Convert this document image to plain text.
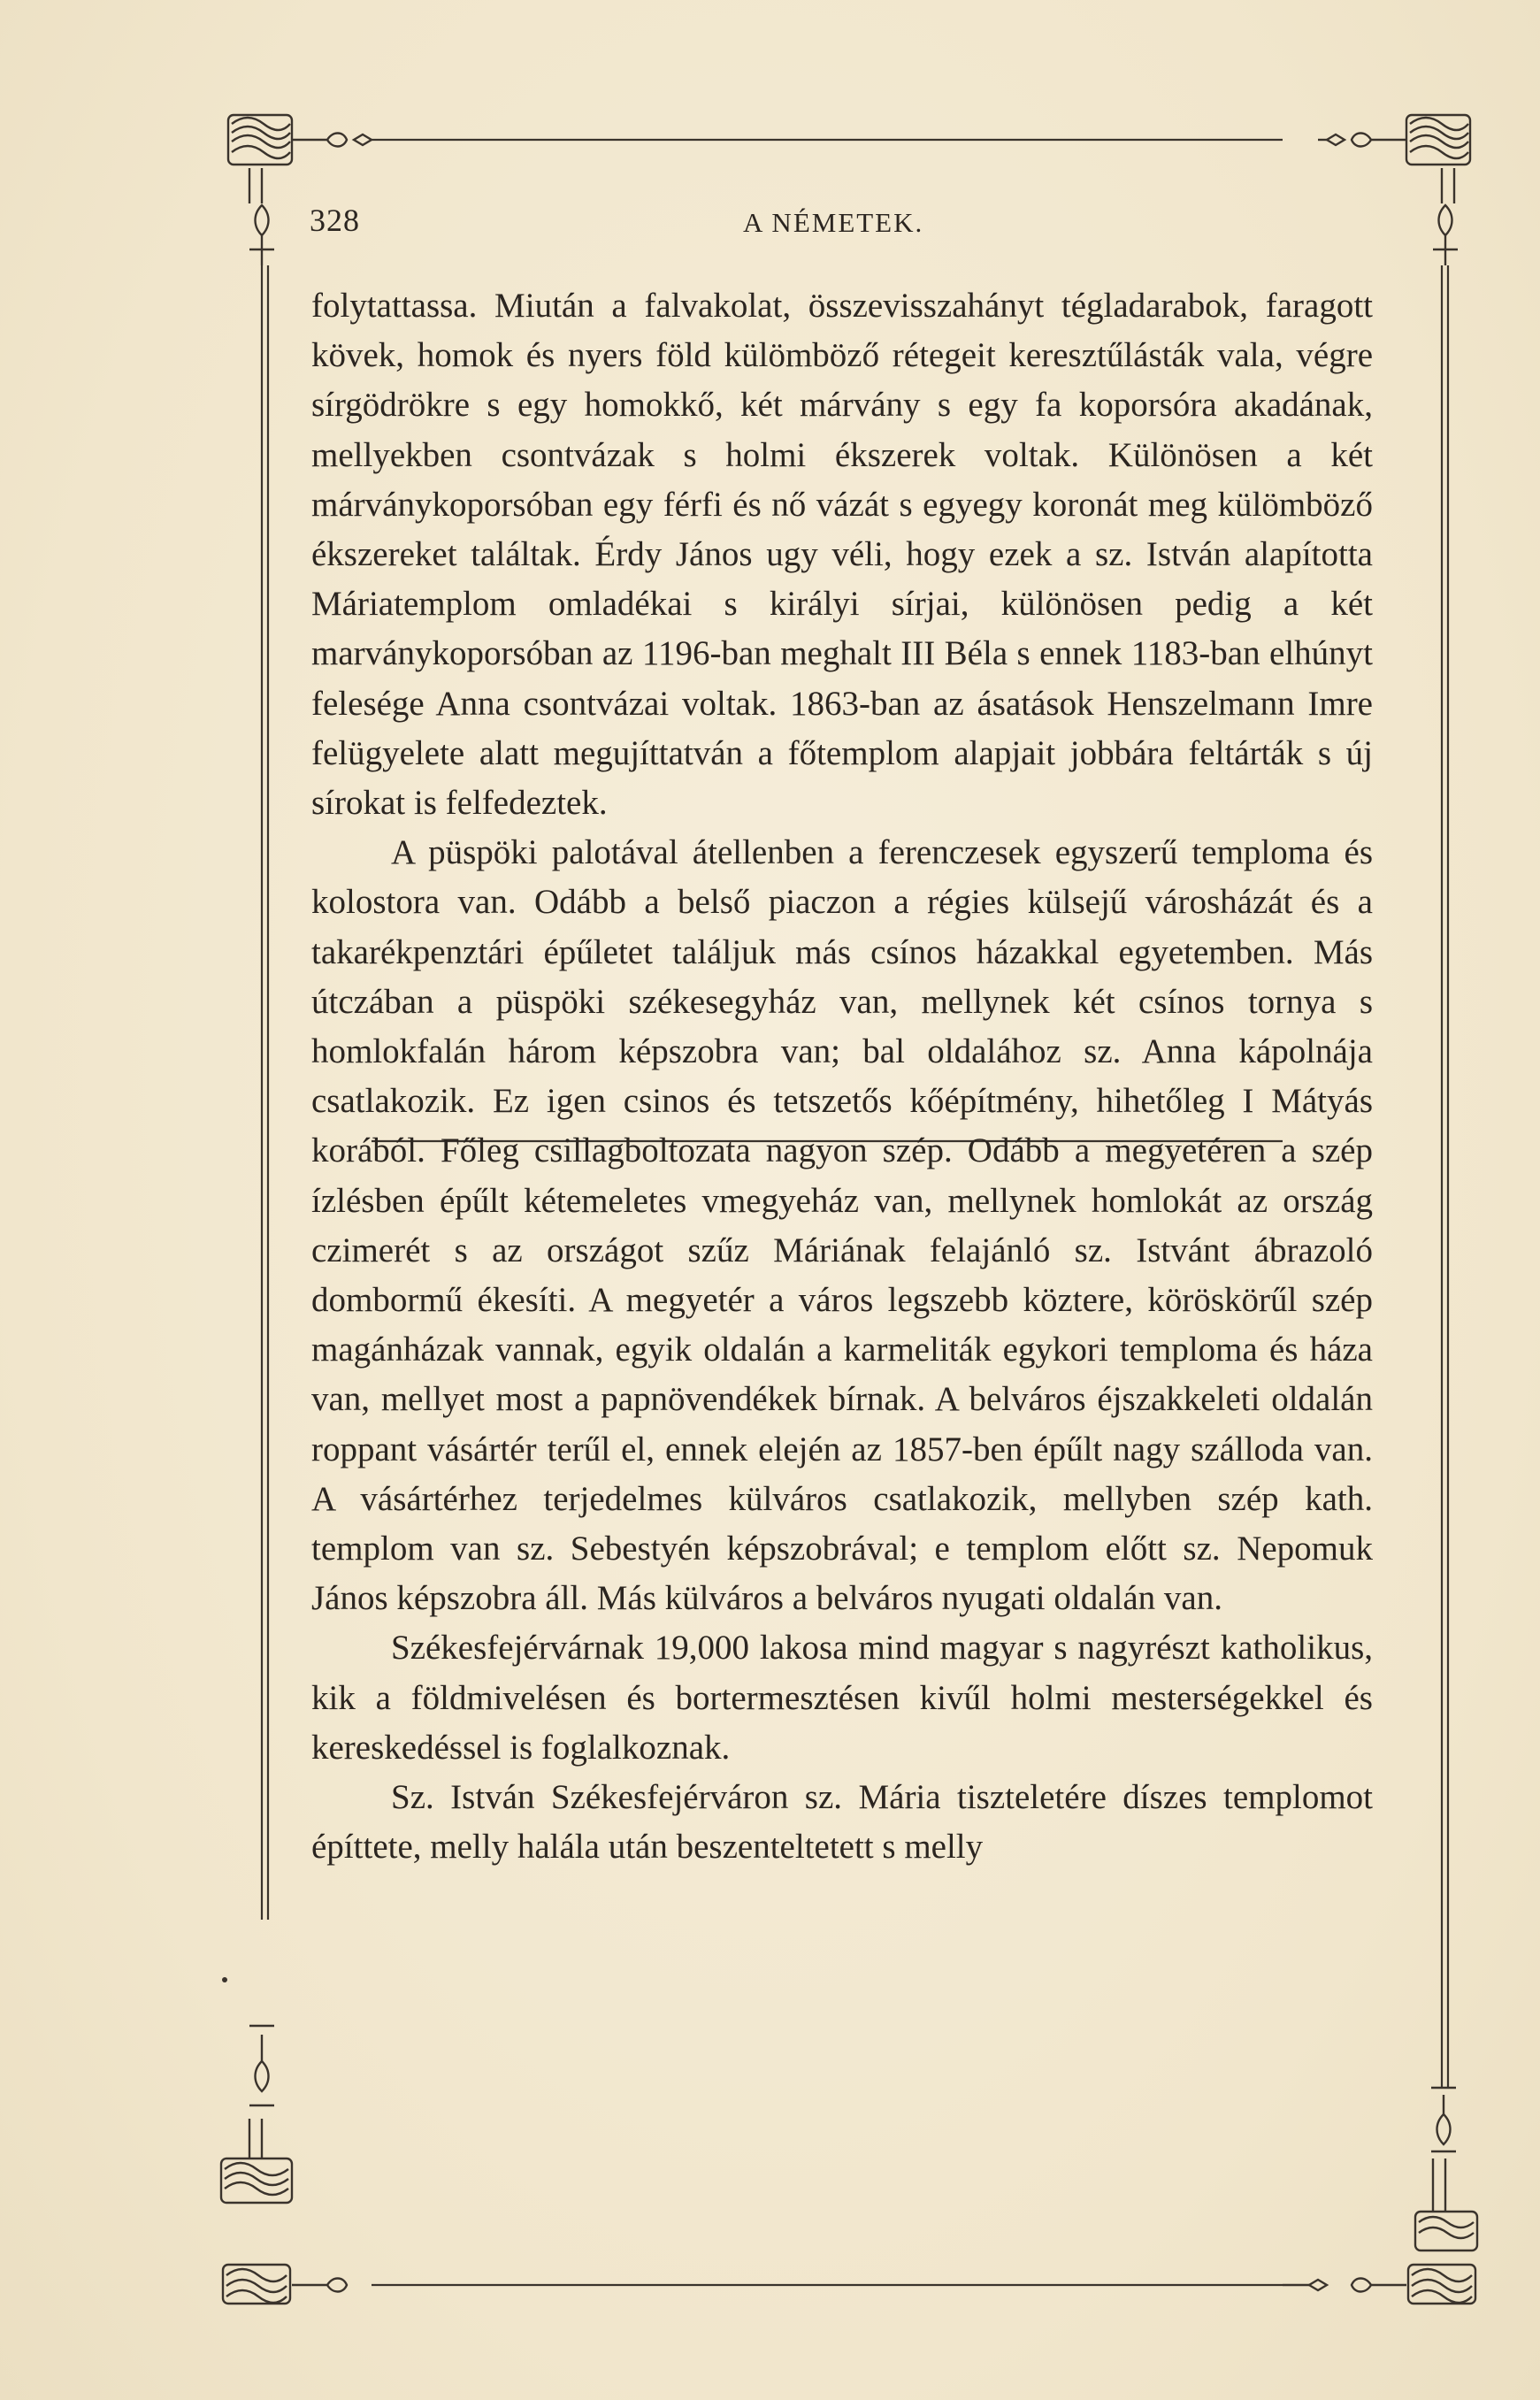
328	A NÉMETEK.

folytattassa. Miután a falvakolat, összevisszahányt tégladarabok, faragott kövek, homok és nyers föld külömböző rétegeit keresztűlásták vala, végre sírgödrökre s egy homokkő, két márvány s egy fa koporsóra akadának, mellyekben csontvázak s holmi ékszerek voltak. Különösen a két márványkoporsóban egy férfi és nő vázát s egyegy koronát meg külömböző ékszereket találtak. Érdy János ugy véli, hogy ezek a sz. István alapította Máriatemplom omladékai s királyi sírjai, különösen pedig a két marványkoporsóban az 1196-ban meghalt III Béla s ennek 1183-ban elhúnyt felesége Anna csontvázai voltak. 1863-ban az ásatások Henszelmann Imre felügyelete alatt megujíttatván a főtemplom alapjait jobbára feltárták s új sírokat is felfedeztek.

A püspöki palotával átellenben a ferenczesek egyszerű temploma és kolostora van. Odább a belső piaczon a régies külsejű városházát és a takarékpenztári épűletet találjuk más csínos házakkal egyetemben. Más útczában a püspöki székesegyház van, mellynek két csínos tornya s homlokfalán három képszobra van; bal oldalához sz. Anna kápolnája csatlakozik. Ez igen csinos és tetszetős kőépítmény, hihetőleg I Mátyás korából. Főleg csillagboltozata nagyon szép. Odább a megyetéren a szép ízlésben épűlt kétemeletes vmegyeház van, mellynek homlokát az ország czimerét s az országot szűz Máriának felajánló sz. Istvánt ábrazoló dombormű ékesíti. A megyetér a város legszebb köztere, köröskörűl szép magánházak vannak, egyik oldalán a karmeliták egykori temploma és háza van, mellyet most a papnövendékek bírnak. A belváros éjszakkeleti oldalán roppant vásártér terűl el, ennek elején az 1857-ben épűlt nagy szálloda van. A vásártérhez terjedelmes külváros csatlakozik, mellyben szép kath. templom van sz. Sebestyén képszobrával; e templom előtt sz. Nepomuk János képszobra áll. Más külváros a belváros nyugati oldalán van.

Székesfejérvárnak 19,000 lakosa mind magyar s nagyrészt katholikus, kik a földmivelésen és bortermesztésen kivűl holmi mesterségekkel és kereskedéssel is foglalkoznak.

Sz. István Székesfejérváron sz. Mária tiszteletére díszes templomot építtete, melly halála után beszenteltetett s melly
